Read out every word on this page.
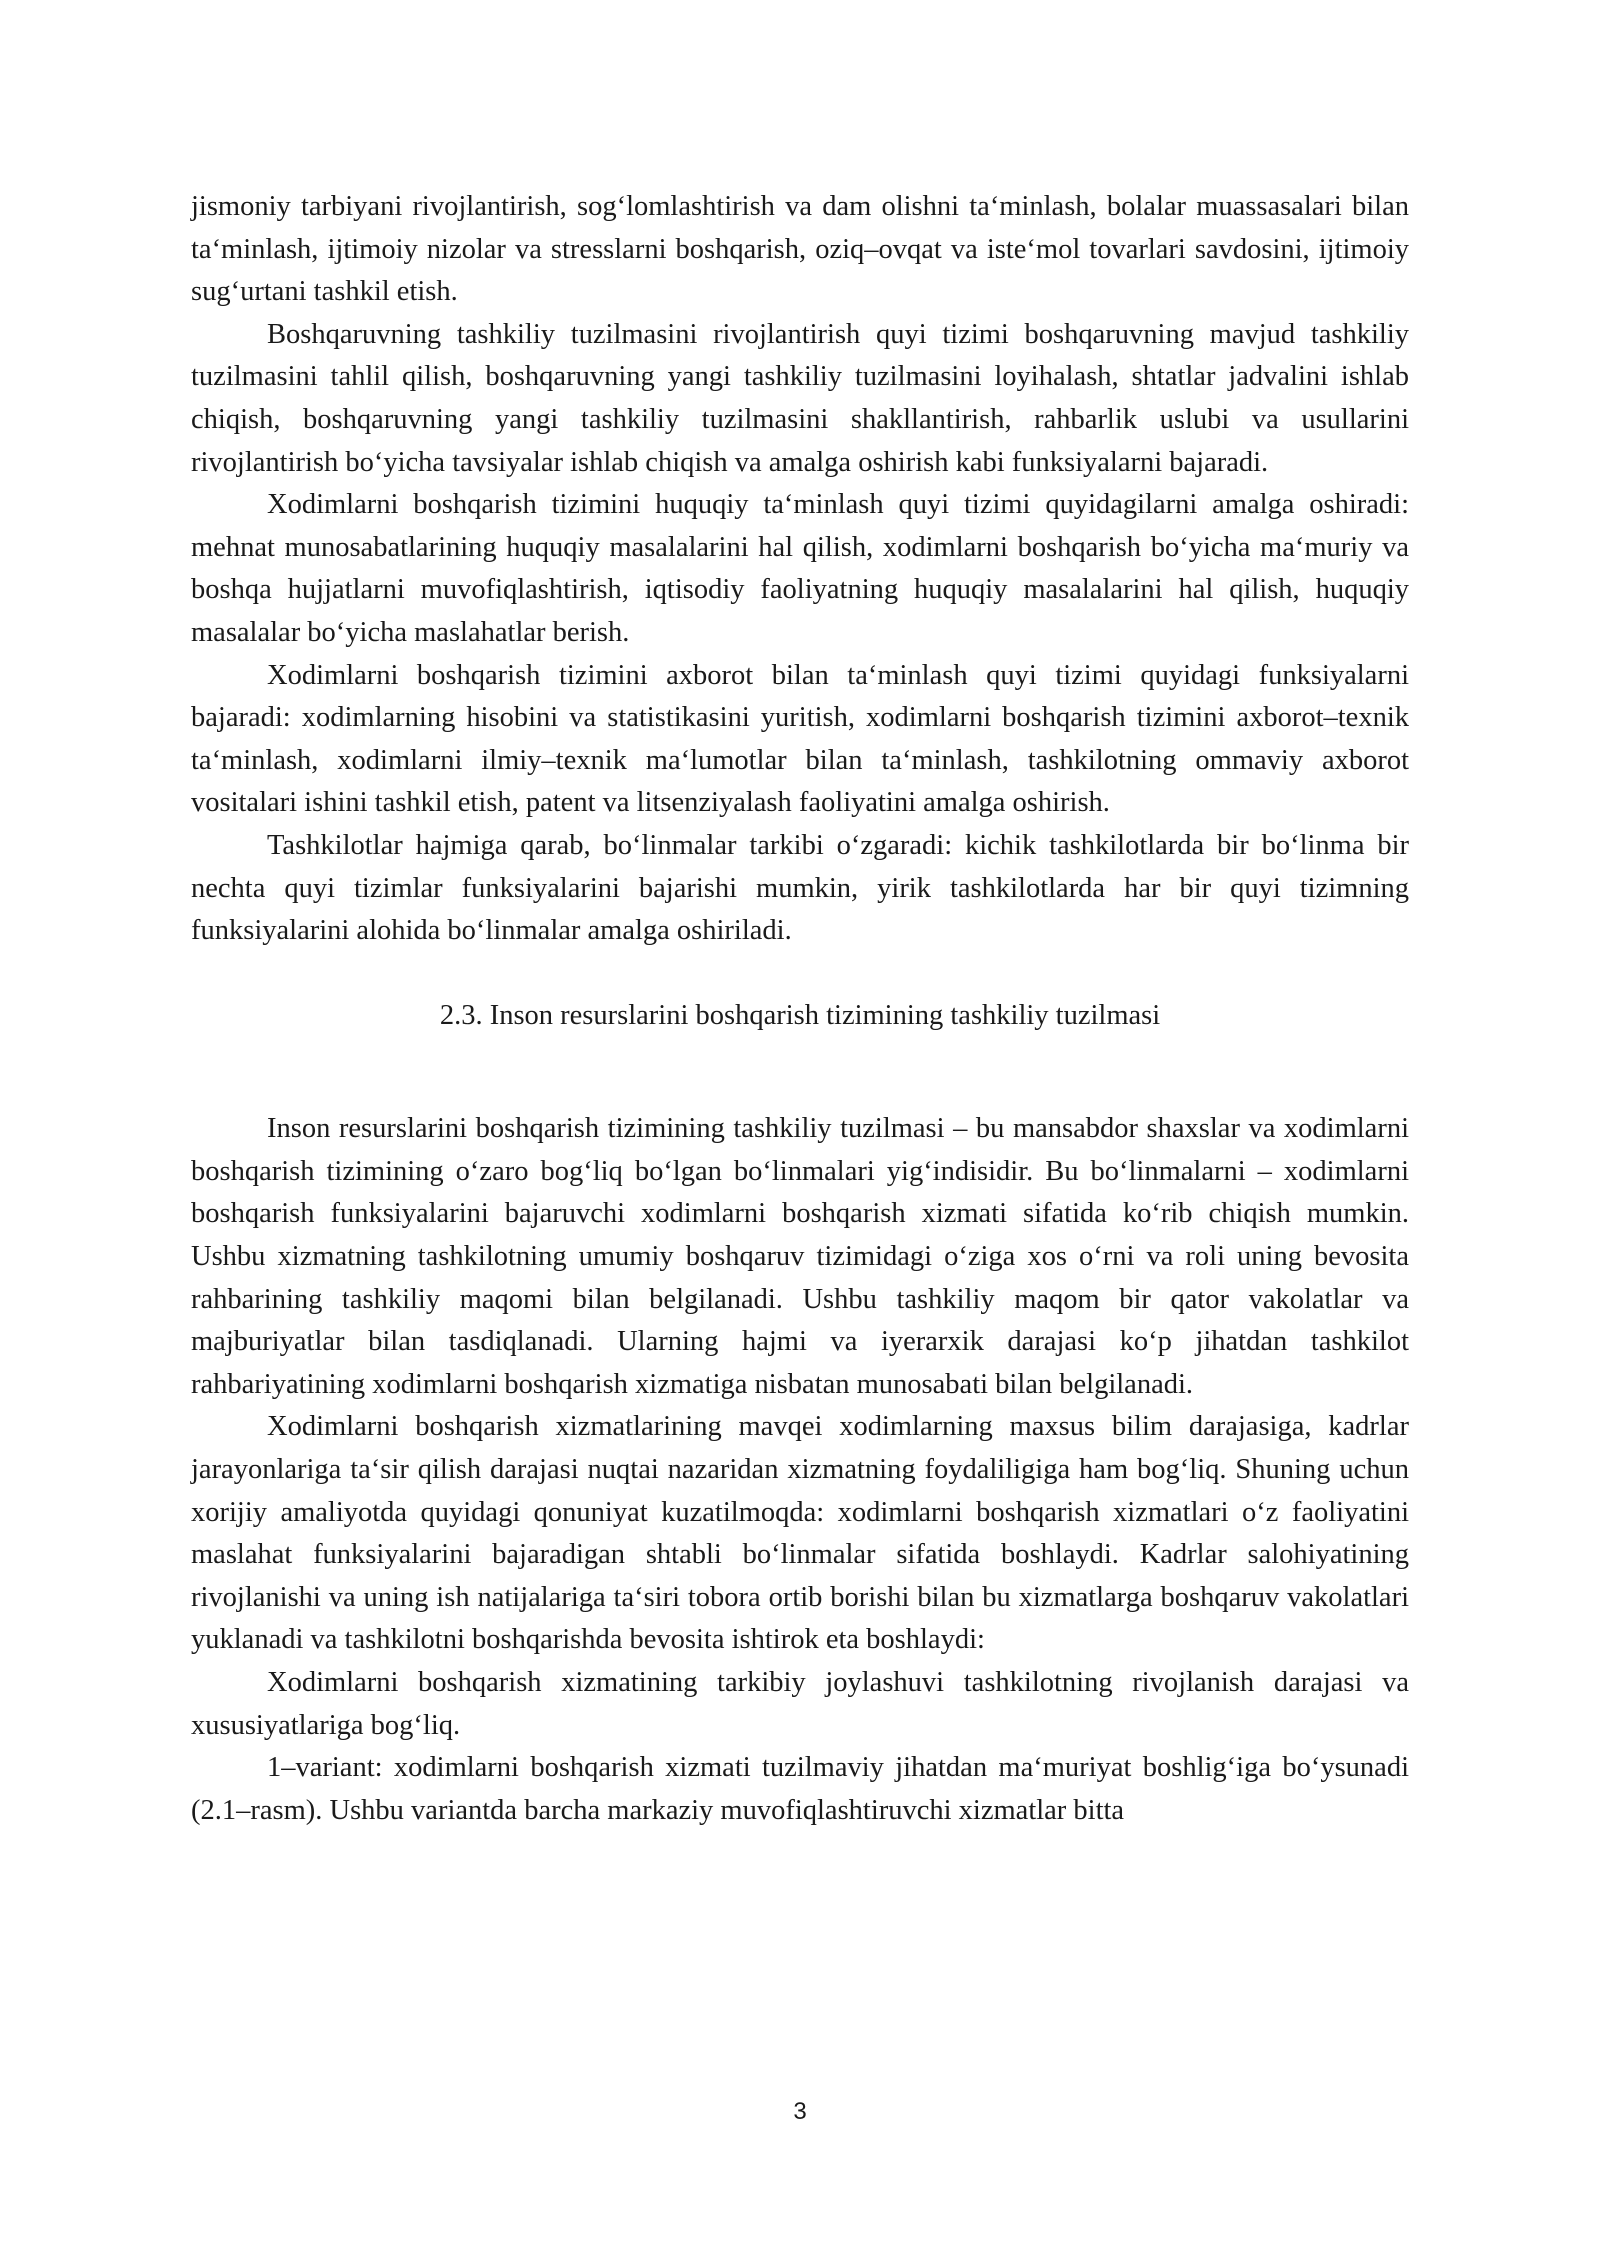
jismoniy tarbiyani rivojlantirish, sog‘lomlashtirish va dam olishni ta‘minlash, bolalar muassasalari bilan ta‘minlash, ijtimoiy nizolar va stresslarni boshqarish, oziq–ovqat va iste‘mol tovarlari savdosini, ijtimoiy sug‘urtani tashkil etish.

Boshqaruvning tashkiliy tuzilmasini rivojlantirish quyi tizimi boshqaruvning mavjud tashkiliy tuzilmasini tahlil qilish, boshqaruvning yangi tashkiliy tuzilmasini loyihalash, shtatlar jadvalini ishlab chiqish, boshqaruvning yangi tashkiliy tuzilmasini shakllantirish, rahbarlik uslubi va usullarini rivojlantirish bo‘yicha tavsiyalar ishlab chiqish va amalga oshirish kabi funksiyalarni bajaradi.

Xodimlarni boshqarish tizimini huquqiy ta‘minlash quyi tizimi quyidagilarni amalga oshiradi: mehnat munosabatlarining huquqiy masalalarini hal qilish, xodimlarni boshqarish bo‘yicha ma‘muriy va boshqa hujjatlarni muvofiqlashtirish, iqtisodiy faoliyatning huquqiy masalalarini hal qilish, huquqiy masalalar bo‘yicha maslahatlar berish.

Xodimlarni boshqarish tizimini axborot bilan ta‘minlash quyi tizimi quyidagi funksiyalarni bajaradi: xodimlarning hisobini va statistikasini yuritish, xodimlarni boshqarish tizimini axborot–texnik ta‘minlash, xodimlarni ilmiy–texnik ma‘lumotlar bilan ta‘minlash, tashkilotning ommaviy axborot vositalari ishini tashkil etish, patent va litsenziyalash faoliyatini amalga oshirish.

Tashkilotlar hajmiga qarab, bo‘linmalar tarkibi o‘zgaradi: kichik tashkilotlarda bir bo‘linma bir nechta quyi tizimlar funksiyalarini bajarishi mumkin, yirik tashkilotlarda har bir quyi tizimning funksiyalarini alohida bo‘linmalar amalga oshiriladi.

2.3. Inson resurslarini boshqarish tizimining tashkiliy tuzilmasi

Inson resurslarini boshqarish tizimining tashkiliy tuzilmasi – bu mansabdor shaxslar va xodimlarni boshqarish tizimining o‘zaro bog‘liq bo‘lgan bo‘linmalari yig‘indisidir. Bu bo‘linmalarni – xodimlarni boshqarish funksiyalarini bajaruvchi xodimlarni boshqarish xizmati sifatida ko‘rib chiqish mumkin. Ushbu xizmatning tashkilotning umumiy boshqaruv tizimidagi o‘ziga xos o‘rni va roli uning bevosita rahbarining tashkiliy maqomi bilan belgilanadi. Ushbu tashkiliy maqom bir qator vakolatlar va majburiyatlar bilan tasdiqlanadi. Ularning hajmi va iyerarxik darajasi ko‘p jihatdan tashkilot rahbariyatining xodimlarni boshqarish xizmatiga nisbatan munosabati bilan belgilanadi.

Xodimlarni boshqarish xizmatlarining mavqei xodimlarning maxsus bilim darajasiga, kadrlar jarayonlariga ta‘sir qilish darajasi nuqtai nazaridan xizmatning foydaliligiga ham bog‘liq. Shuning uchun xorijiy amaliyotda quyidagi qonuniyat kuzatilmoqda: xodimlarni boshqarish xizmatlari o‘z faoliyatini maslahat funksiyalarini bajaradigan shtabli bo‘linmalar sifatida boshlaydi. Kadrlar salohiyatining rivojlanishi va uning ish natijalariga ta‘siri tobora ortib borishi bilan bu xizmatlarga boshqaruv vakolatlari yuklanadi va tashkilotni boshqarishda bevosita ishtirok eta boshlaydi:

Xodimlarni boshqarish xizmatining tarkibiy joylashuvi tashkilotning rivojlanish darajasi va xususiyatlariga bog‘liq.

1–variant: xodimlarni boshqarish xizmati tuzilmaviy jihatdan ma‘muriyat boshlig‘iga bo‘ysunadi (2.1–rasm). Ushbu variantda barcha markaziy muvofiqlashtiruvchi xizmatlar bitta

3
